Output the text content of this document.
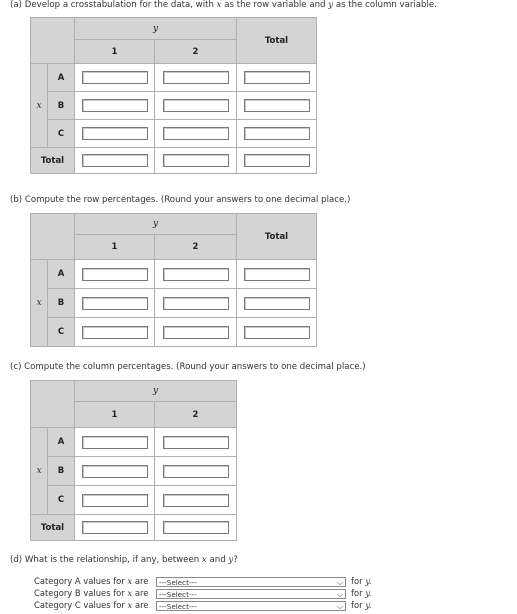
(a) Develop a crosstabulation for the data, with x as the row variable and y as the column variable.
		y		Total
		1	2	
x	A	

	B	

	C	

Total		

(b) Compute the row percentages. (Round your answers to one decimal place.)
		y		Total
		1	2	
x	A	

	B	

	C	

(c) Compute the column percentages. (Round your answers to one decimal place.)
		y	
		1	2
x	A	

	B	

	C	

Total		

(d) What is the relationship, if any, between x and y?
Category A values for x are	---Select---	⌵ for y.
Category B values for x are	---Select---	⌵ for y.
Category C values for x are	---Select---	⌵ for y.
